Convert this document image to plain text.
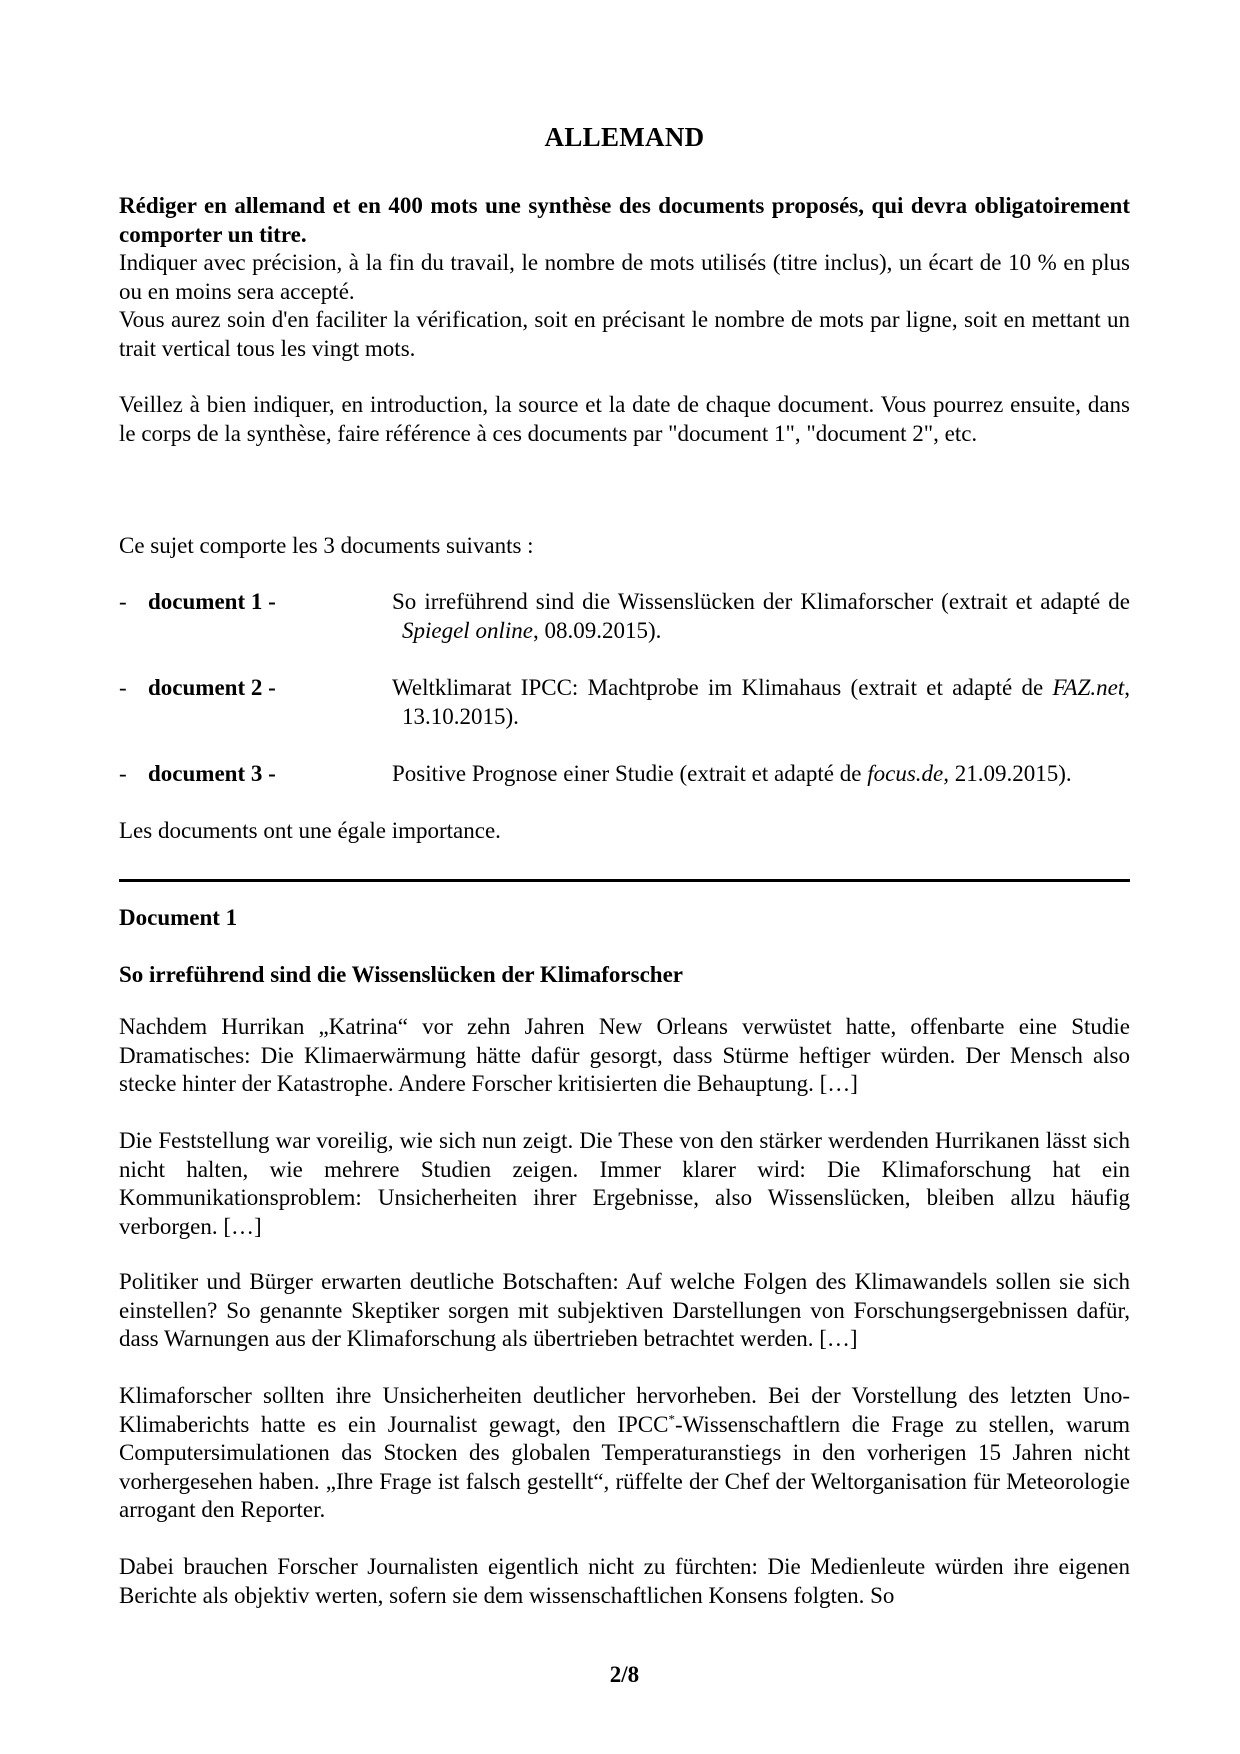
ALLEMAND

Rédiger en allemand et en 400 mots une synthèse des documents proposés, qui devra obligatoirement comporter un titre.

Indiquer avec précision, à la fin du travail, le nombre de mots utilisés (titre inclus), un écart de 10 % en plus ou en moins sera accepté.

Vous aurez soin d'en faciliter la vérification, soit en précisant le nombre de mots par ligne, soit en mettant un trait vertical tous les vingt mots.

Veillez à bien indiquer, en introduction, la source et la date de chaque document. Vous pourrez ensuite, dans le corps de la synthèse, faire référence à ces documents par "document 1", "document 2", etc.

Ce sujet comporte les 3 documents suivants :

- document 1 -	So irreführend sind die Wissenslücken der Klimaforscher (extrait et adapté de Spiegel online, 08.09.2015).
- document 2 -	Weltklimarat IPCC: Machtprobe im Klimahaus (extrait et adapté de FAZ.net, 13.10.2015).
- document 3 -	Positive Prognose einer Studie (extrait et adapté de focus.de, 21.09.2015).

Les documents ont une égale importance.

Document 1
So irreführend sind die Wissenslücken der Klimaforscher

Nachdem Hurrikan „Katrina“ vor zehn Jahren New Orleans verwüstet hatte, offenbarte eine Studie Dramatisches: Die Klimaerwärmung hätte dafür gesorgt, dass Stürme heftiger würden. Der Mensch also stecke hinter der Katastrophe. Andere Forscher kritisierten die Behauptung. […]

Die Feststellung war voreilig, wie sich nun zeigt. Die These von den stärker werdenden Hurrikanen lässt sich nicht halten, wie mehrere Studien zeigen. Immer klarer wird: Die Klimaforschung hat ein Kommunikationsproblem: Unsicherheiten ihrer Ergebnisse, also Wissenslücken, bleiben allzu häufig verborgen. […]

Politiker und Bürger erwarten deutliche Botschaften: Auf welche Folgen des Klimawandels sollen sie sich einstellen? So genannte Skeptiker sorgen mit subjektiven Darstellungen von Forschungsergebnissen dafür, dass Warnungen aus der Klimaforschung als übertrieben betrachtet werden. […]

Klimaforscher sollten ihre Unsicherheiten deutlicher hervorheben. Bei der Vorstellung des letzten Uno-Klimaberichts hatte es ein Journalist gewagt, den IPCC*-Wissenschaftlern die Frage zu stellen, warum Computersimulationen das Stocken des globalen Temperaturanstiegs in den vorherigen 15 Jahren nicht vorhergesehen haben. „Ihre Frage ist falsch gestellt“, rüffelte der Chef der Weltorganisation für Meteorologie arrogant den Reporter.

Dabei brauchen Forscher Journalisten eigentlich nicht zu fürchten: Die Medienleute würden ihre eigenen Berichte als objektiv werten, sofern sie dem wissenschaftlichen Konsens folgten. So

2/8
